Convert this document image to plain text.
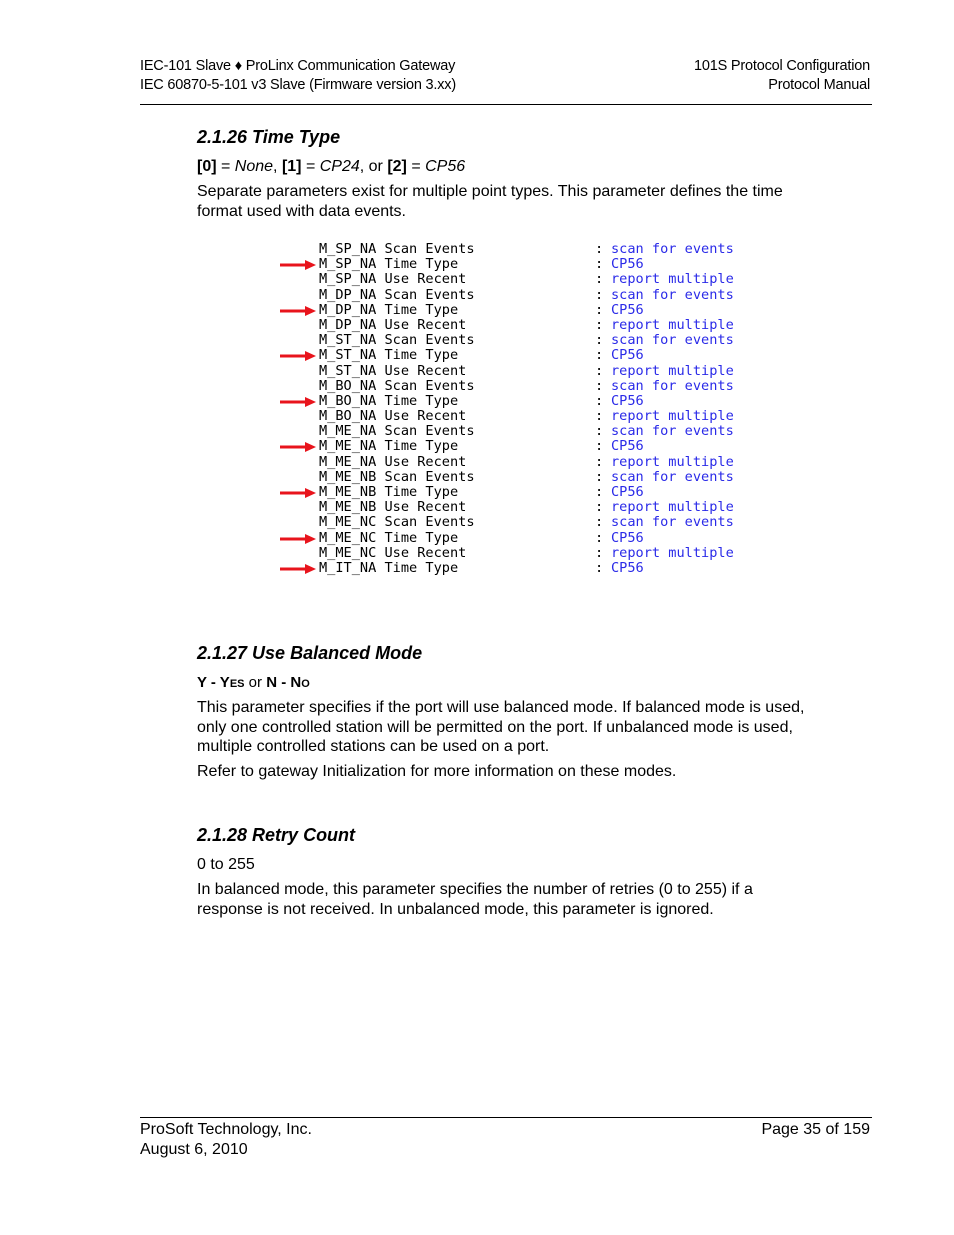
IEC-101 Slave ♦ ProLinx Communication Gateway
IEC 60870-5-101 v3 Slave (Firmware version 3.xx)
101S Protocol Configuration
Protocol Manual
2.1.26 Time Type
[0] = None, [1] = CP24, or [2] = CP56
Separate parameters exist for multiple point types. This parameter defines the time format used with data events.
M_SP_NA Scan Events	: scan for events
M_SP_NA Time Type	: CP56
M_SP_NA Use Recent	: report multiple
M_DP_NA Scan Events	: scan for events
M_DP_NA Time Type	: CP56
M_DP_NA Use Recent	: report multiple
M_ST_NA Scan Events	: scan for events
M_ST_NA Time Type	: CP56
M_ST_NA Use Recent	: report multiple
M_BO_NA Scan Events	: scan for events
M_BO_NA Time Type	: CP56
M_BO_NA Use Recent	: report multiple
M_ME_NA Scan Events	: scan for events
M_ME_NA Time Type	: CP56
M_ME_NA Use Recent	: report multiple
M_ME_NB Scan Events	: scan for events
M_ME_NB Time Type	: CP56
M_ME_NB Use Recent	: report multiple
M_ME_NC Scan Events	: scan for events
M_ME_NC Time Type	: CP56
M_ME_NC Use Recent	: report multiple
M_IT_NA Time Type	: CP56
2.1.27 Use Balanced Mode
Y - Yes or N - No
This parameter specifies if the port will use balanced mode. If balanced mode is used, only one controlled station will be permitted on the port. If unbalanced mode is used, multiple controlled stations can be used on a port.
Refer to gateway Initialization for more information on these modes.
2.1.28 Retry Count
0 to 255
In balanced mode, this parameter specifies the number of retries (0 to 255) if a response is not received. In unbalanced mode, this parameter is ignored.
ProSoft Technology, Inc.
August 6, 2010
Page 35 of 159
